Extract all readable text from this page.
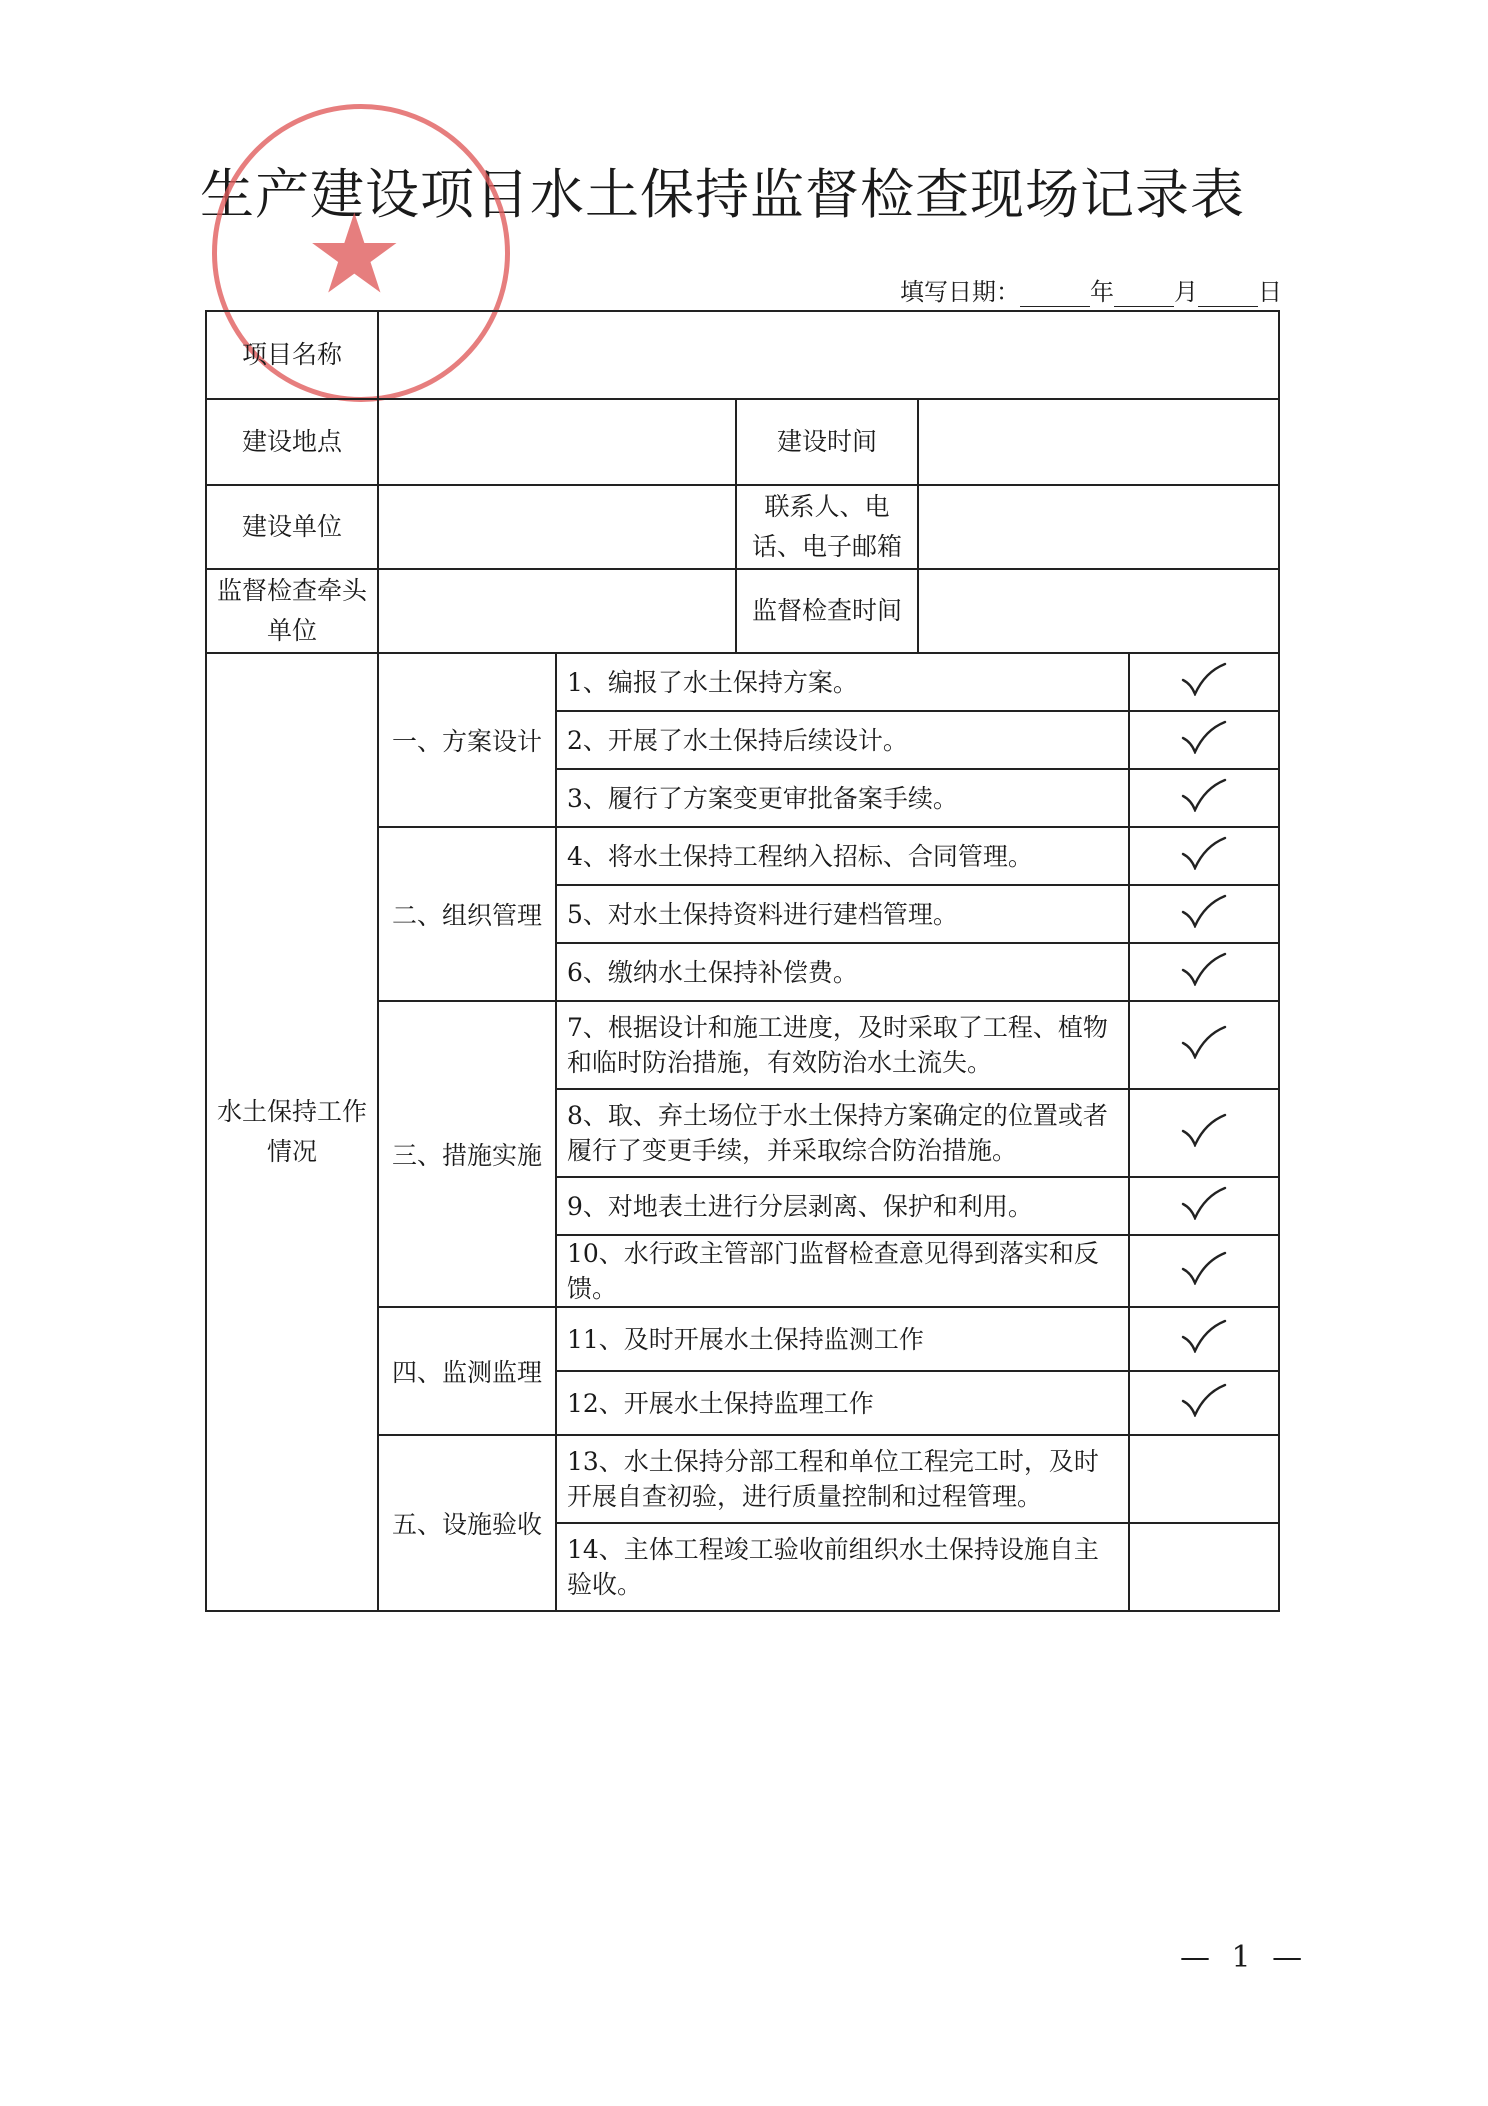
生产建设项目水土保持监督检查现场记录表
★	填写日期：	年	月	日
项目名称					
建设地点			建设时间		
建设单位			联系人、电话、电子邮箱		
监督检查牵头单位			监督检查时间		
水土保持工作情况	一、方案设计	1、编报了水土保持方案。	
		2、开展了水土保持后续设计。	
		3、履行了方案变更审批备案手续。	
	二、组织管理	4、将水土保持工程纳入招标、合同管理。	
		5、对水土保持资料进行建档管理。	
		6、缴纳水土保持补偿费。	
	三、措施实施	7、根据设计和施工进度，及时采取了工程、植物和临时防治措施，有效防治水土流失。	
		8、取、弃土场位于水土保持方案确定的位置或者履行了变更手续，并采取综合防治措施。	
		9、对地表土进行分层剥离、保护和利用。	
		10、水行政主管部门监督检查意见得到落实和反馈。	
	四、监测监理	11、及时开展水土保持监测工作	
		12、开展水土保持监理工作	
	五、设施验收	13、水土保持分部工程和单位工程完工时，及时开展自查初验，进行质量控制和过程管理。			
		14、主体工程竣工验收前组织水土保持设施自主验收。			
— 1 —
